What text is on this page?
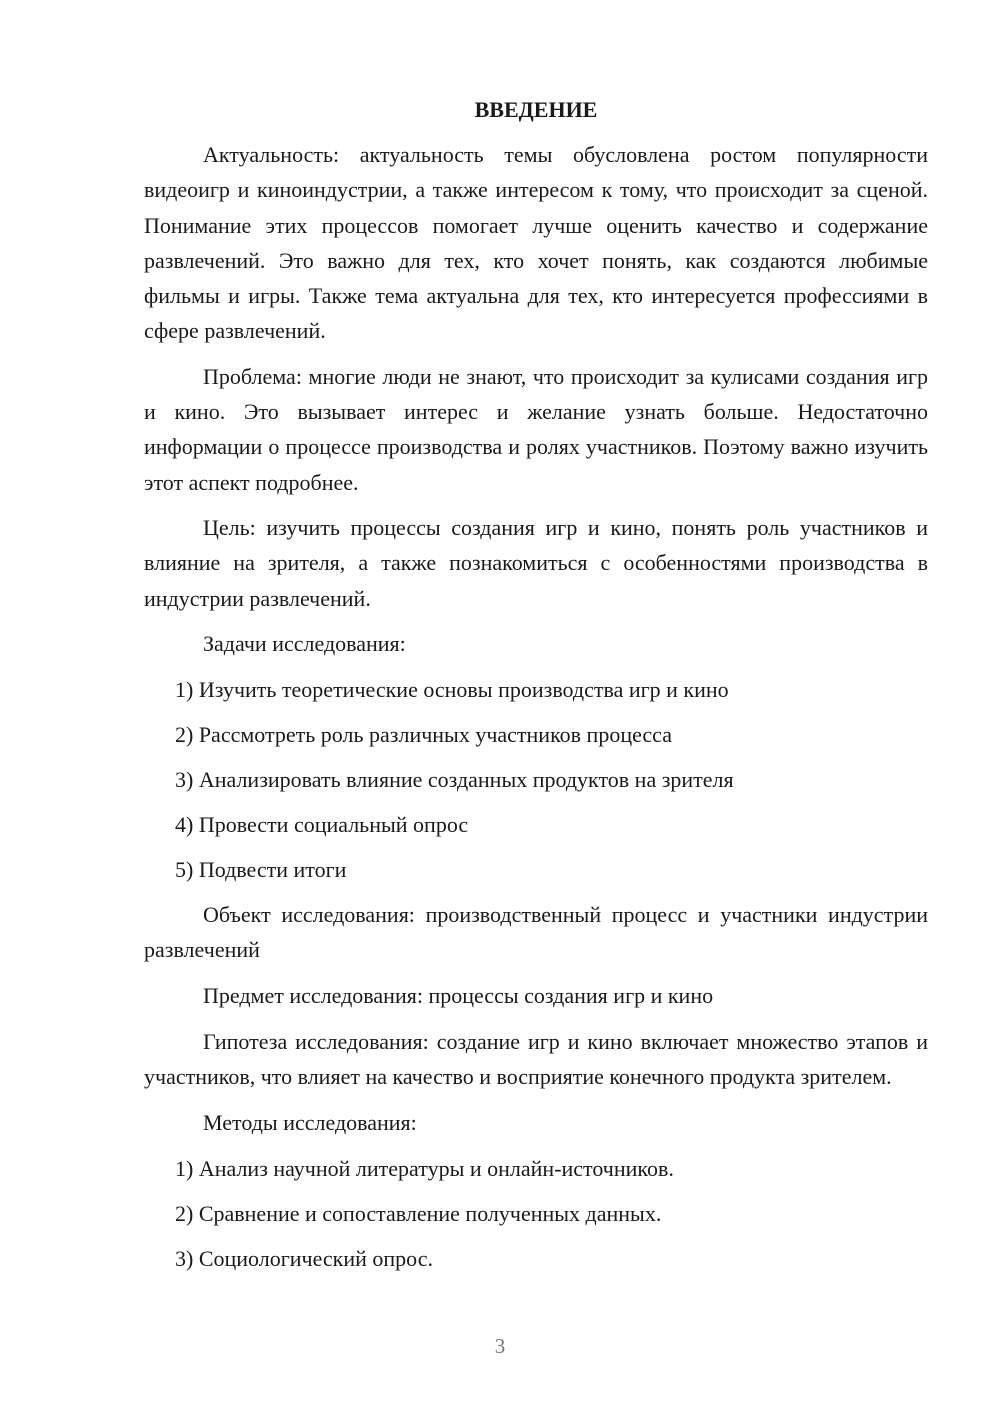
ВВЕДЕНИЕ

Актуальность: актуальность темы обусловлена ростом популярности видеоигр и киноиндустрии, а также интересом к тому, что происходит за сценой. Понимание этих процессов помогает лучше оценить качество и содержание развлечений. Это важно для тех, кто хочет понять, как создаются любимые фильмы и игры. Также тема актуальна для тех, кто интересуется профессиями в сфере развлечений.

Проблема: многие люди не знают, что происходит за кулисами создания игр и кино. Это вызывает интерес и желание узнать больше. Недостаточно информации о процессе производства и ролях участников. Поэтому важно изучить этот аспект подробнее.

Цель: изучить процессы создания игр и кино, понять роль участников и влияние на зрителя, а также познакомиться с особенностями производства в индустрии развлечений.

Задачи исследования:

1) Изучить теоретические основы производства игр и кино
2) Рассмотреть роль различных участников процесса
3) Анализировать влияние созданных продуктов на зрителя
4) Провести социальный опрос
5) Подвести итоги

Объект исследования: производственный процесс и участники индустрии развлечений

Предмет исследования: процессы создания игр и кино

Гипотеза исследования: создание игр и кино включает множество этапов и участников, что влияет на качество и восприятие конечного продукта зрителем.

Методы исследования:

1) Анализ научной литературы и онлайн-источников.
2) Сравнение и сопоставление полученных данных.
3) Социологический опрос.
3
